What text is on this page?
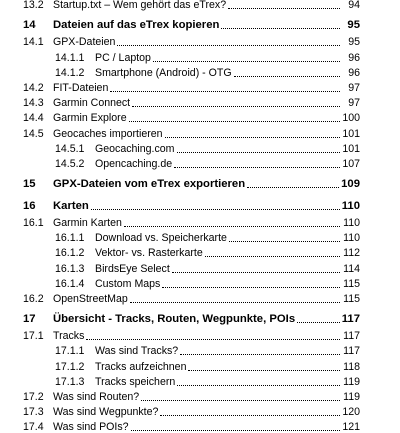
13.2 Startup.txt – Wem gehört das eTrex?	94
14	Dateien auf das eTrex kopieren	95
14.1 GPX-Dateien	95
14.1.1 PC / Laptop	96
14.1.2 Smartphone (Android) - OTG	96
14.2 FIT-Dateien	97
14.3 Garmin Connect	97
14.4 Garmin Explore	100
14.5 Geocaches importieren	101
14.5.1 Geocaching.com	101
14.5.2 Opencaching.de	107
15	GPX-Dateien vom eTrex exportieren	109
16	Karten	110
16.1 Garmin Karten	110
16.1.1 Download vs. Speicherkarte	110
16.1.2 Vektor- vs. Rasterkarte	112
16.1.3 BirdsEye Select	114
16.1.4 Custom Maps	115
16.2 OpenStreetMap	115
17	Übersicht - Tracks, Routen, Wegpunkte, POIs	117
17.1 Tracks	117
17.1.1 Was sind Tracks?	117
17.1.2 Tracks aufzeichnen	118
17.1.3 Tracks speichern	119
17.2 Was sind Routen?	119
17.3 Was sind Wegpunkte?	120
17.4 Was sind POIs?	121
